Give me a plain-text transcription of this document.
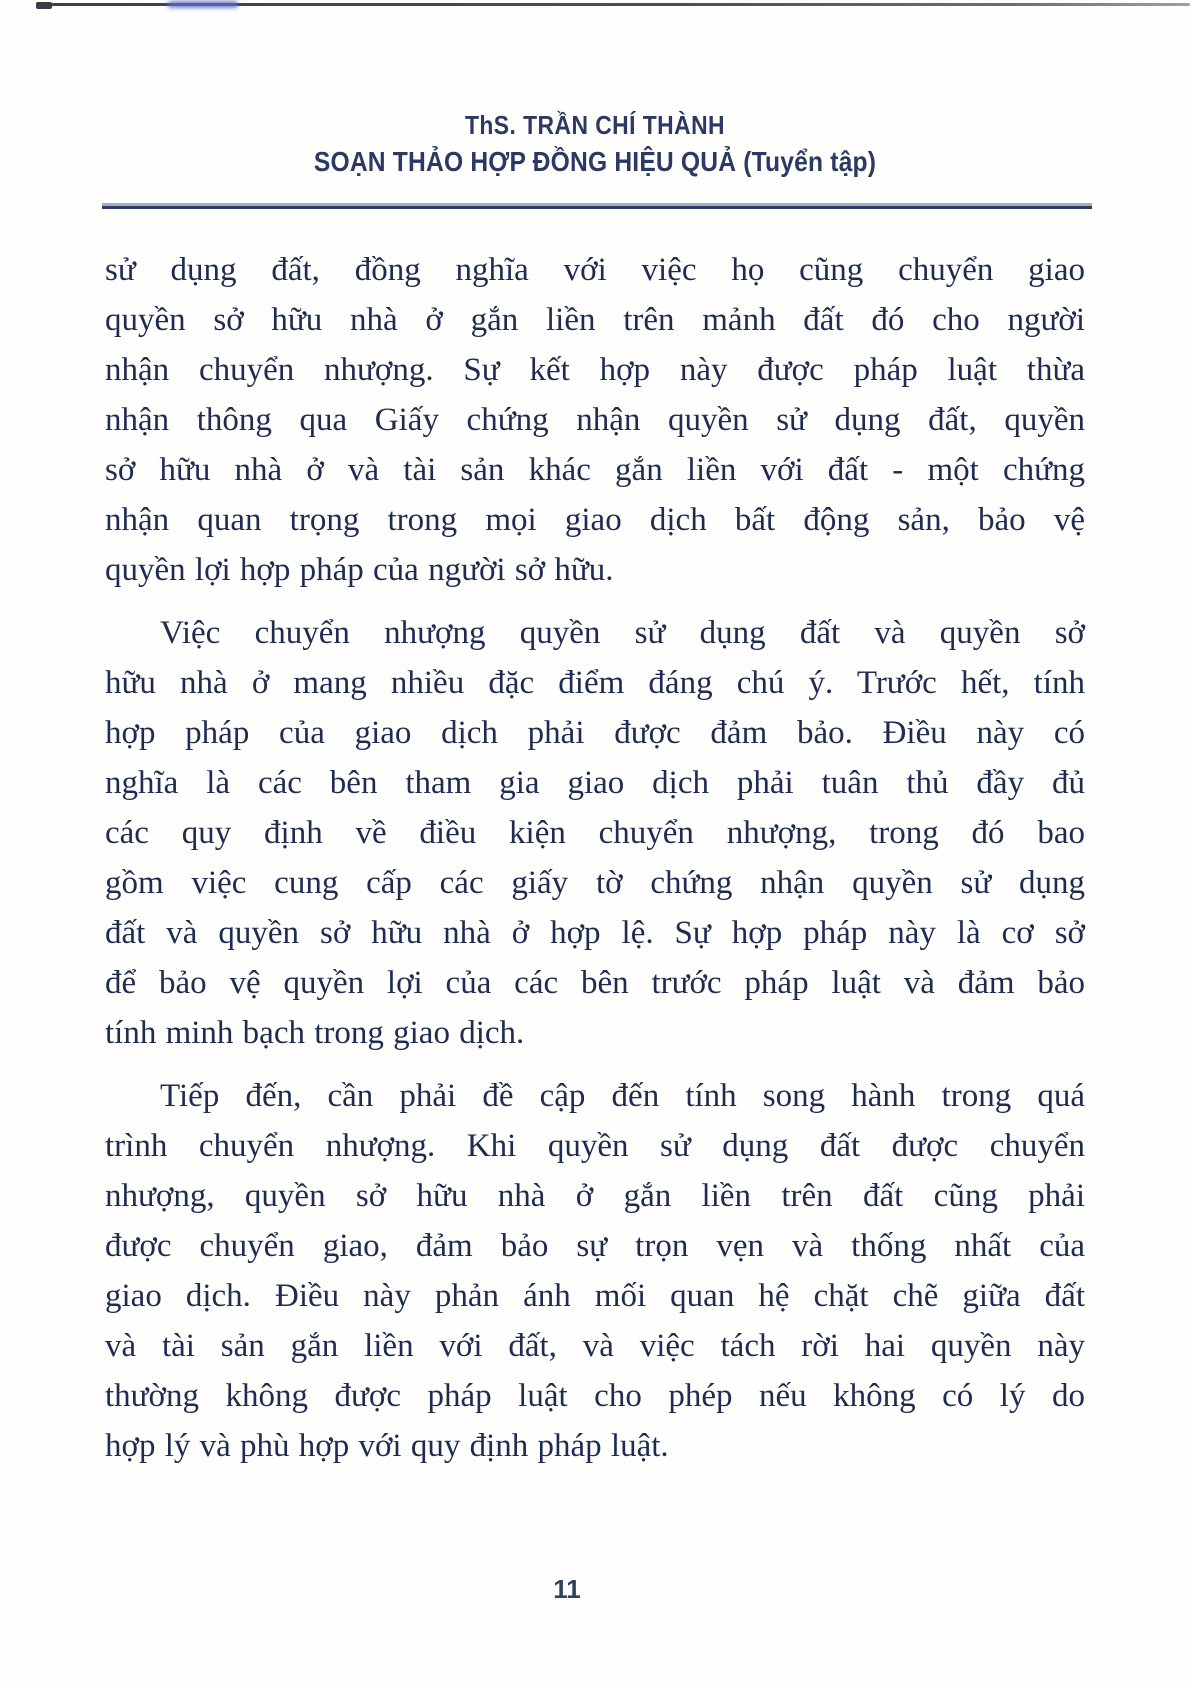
ThS. TRẦN CHÍ THÀNH
SOẠN THẢO HỢP ĐỒNG HIỆU QUẢ (Tuyển tập)

sử dụng đất, đồng nghĩa với việc họ cũng chuyển giao
quyền sở hữu nhà ở gắn liền trên mảnh đất đó cho người
nhận chuyển nhượng. Sự kết hợp này được pháp luật thừa
nhận thông qua Giấy chứng nhận quyền sử dụng đất, quyền
sở hữu nhà ở và tài sản khác gắn liền với đất - một chứng
nhận quan trọng trong mọi giao dịch bất động sản, bảo vệ
quyền lợi hợp pháp của người sở hữu.

Việc chuyển nhượng quyền sử dụng đất và quyền sở
hữu nhà ở mang nhiều đặc điểm đáng chú ý. Trước hết, tính
hợp pháp của giao dịch phải được đảm bảo. Điều này có
nghĩa là các bên tham gia giao dịch phải tuân thủ đầy đủ
các quy định về điều kiện chuyển nhượng, trong đó bao
gồm việc cung cấp các giấy tờ chứng nhận quyền sử dụng
đất và quyền sở hữu nhà ở hợp lệ. Sự hợp pháp này là cơ sở
để bảo vệ quyền lợi của các bên trước pháp luật và đảm bảo
tính minh bạch trong giao dịch.

Tiếp đến, cần phải đề cập đến tính song hành trong quá
trình chuyển nhượng. Khi quyền sử dụng đất được chuyển
nhượng, quyền sở hữu nhà ở gắn liền trên đất cũng phải
được chuyển giao, đảm bảo sự trọn vẹn và thống nhất của
giao dịch. Điều này phản ánh mối quan hệ chặt chẽ giữa đất
và tài sản gắn liền với đất, và việc tách rời hai quyền này
thường không được pháp luật cho phép nếu không có lý do
hợp lý và phù hợp với quy định pháp luật.

11
